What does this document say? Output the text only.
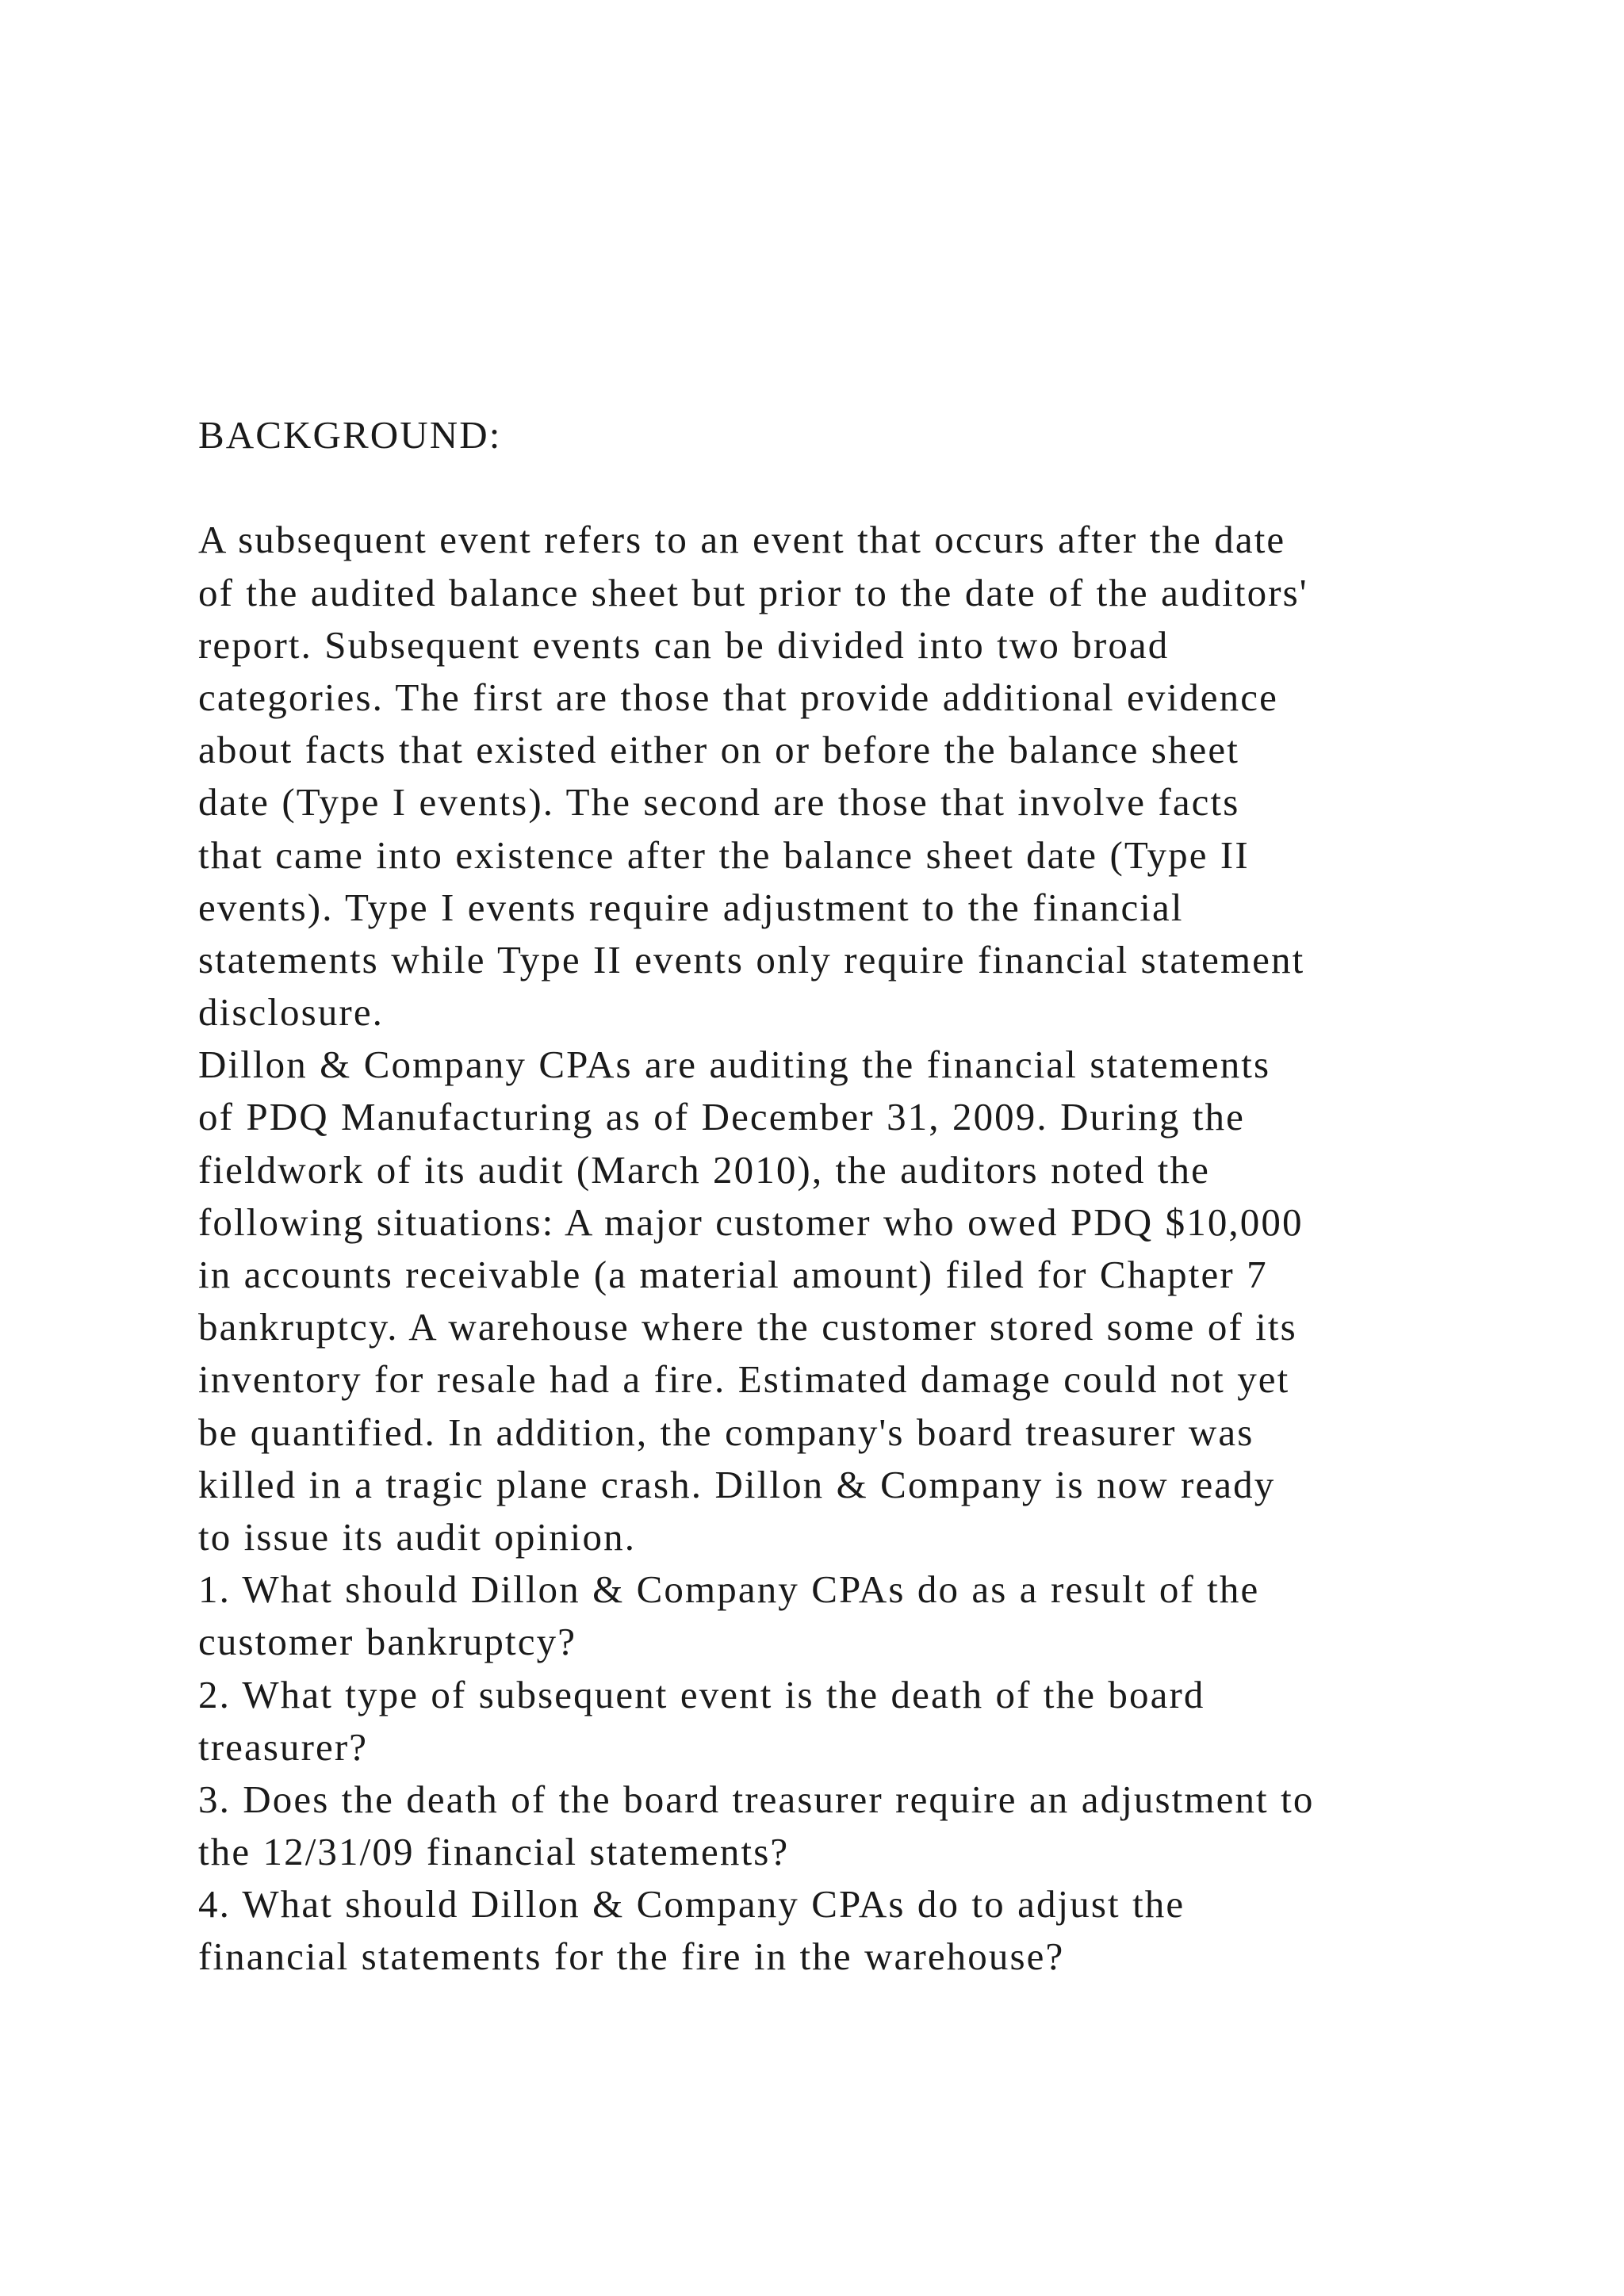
BACKGROUND:
A subsequent event refers to an event that occurs after the date
of the audited balance sheet but prior to the date of the auditors'
report. Subsequent events can be divided into two broad
categories. The first are those that provide additional evidence
about facts that existed either on or before the balance sheet
date (Type I events). The second are those that involve facts
that came into existence after the balance sheet date (Type II
events). Type I events require adjustment to the financial
statements while Type II events only require financial statement
disclosure.
Dillon & Company CPAs are auditing the financial statements
of PDQ Manufacturing as of December 31, 2009. During the
fieldwork of its audit (March 2010), the auditors noted the
following situations: A major customer who owed PDQ $10,000
in accounts receivable (a material amount) filed for Chapter 7
bankruptcy. A warehouse where the customer stored some of its
inventory for resale had a fire. Estimated damage could not yet
be quantified. In addition, the company's board treasurer was
killed in a tragic plane crash. Dillon & Company is now ready
to issue its audit opinion.
1. What should Dillon & Company CPAs do as a result of the
customer bankruptcy?
2. What type of subsequent event is the death of the board
treasurer?
3. Does the death of the board treasurer require an adjustment to
the 12/31/09 financial statements?
4. What should Dillon & Company CPAs do to adjust the
financial statements for the fire in the warehouse?
